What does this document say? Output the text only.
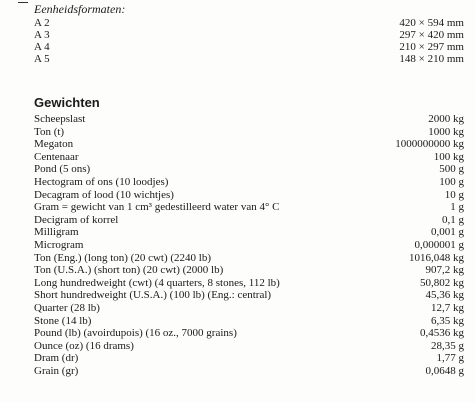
Eenheidsformaten:
A 2	420 × 594 mm
A 3	297 × 420 mm
A 4	210 × 297 mm
A 5	148 × 210 mm
Gewichten
Scheepslast	2000 kg
Ton (t)	1000 kg
Megaton	1000000000 kg
Centenaar	100 kg
Pond (5 ons)	500 g
Hectogram of ons (10 loodjes)	100 g
Decagram of lood (10 wichtjes)	10 g
Gram = gewicht van 1 cm³ gedestilleerd water van 4° C	1 g
Decigram of korrel	0,1 g
Milligram	0,001 g
Microgram	0,000001 g
Ton (Eng.) (long ton) (20 cwt) (2240 lb)	1016,048 kg
Ton (U.S.A.) (short ton) (20 cwt) (2000 lb)	907,2 kg
Long hundredweight (cwt) (4 quarters, 8 stones, 112 lb)	50,802 kg
Short hundredweight (U.S.A.) (100 lb) (Eng.: central)	45,36 kg
Quarter (28 lb)	12,7 kg
Stone (14 lb)	6,35 kg
Pound (lb) (avoirdupois) (16 oz., 7000 grains)	0,4536 kg
Ounce (oz) (16 drams)	28,35 g
Dram (dr)	1,77 g
Grain (gr)	0,0648 g
